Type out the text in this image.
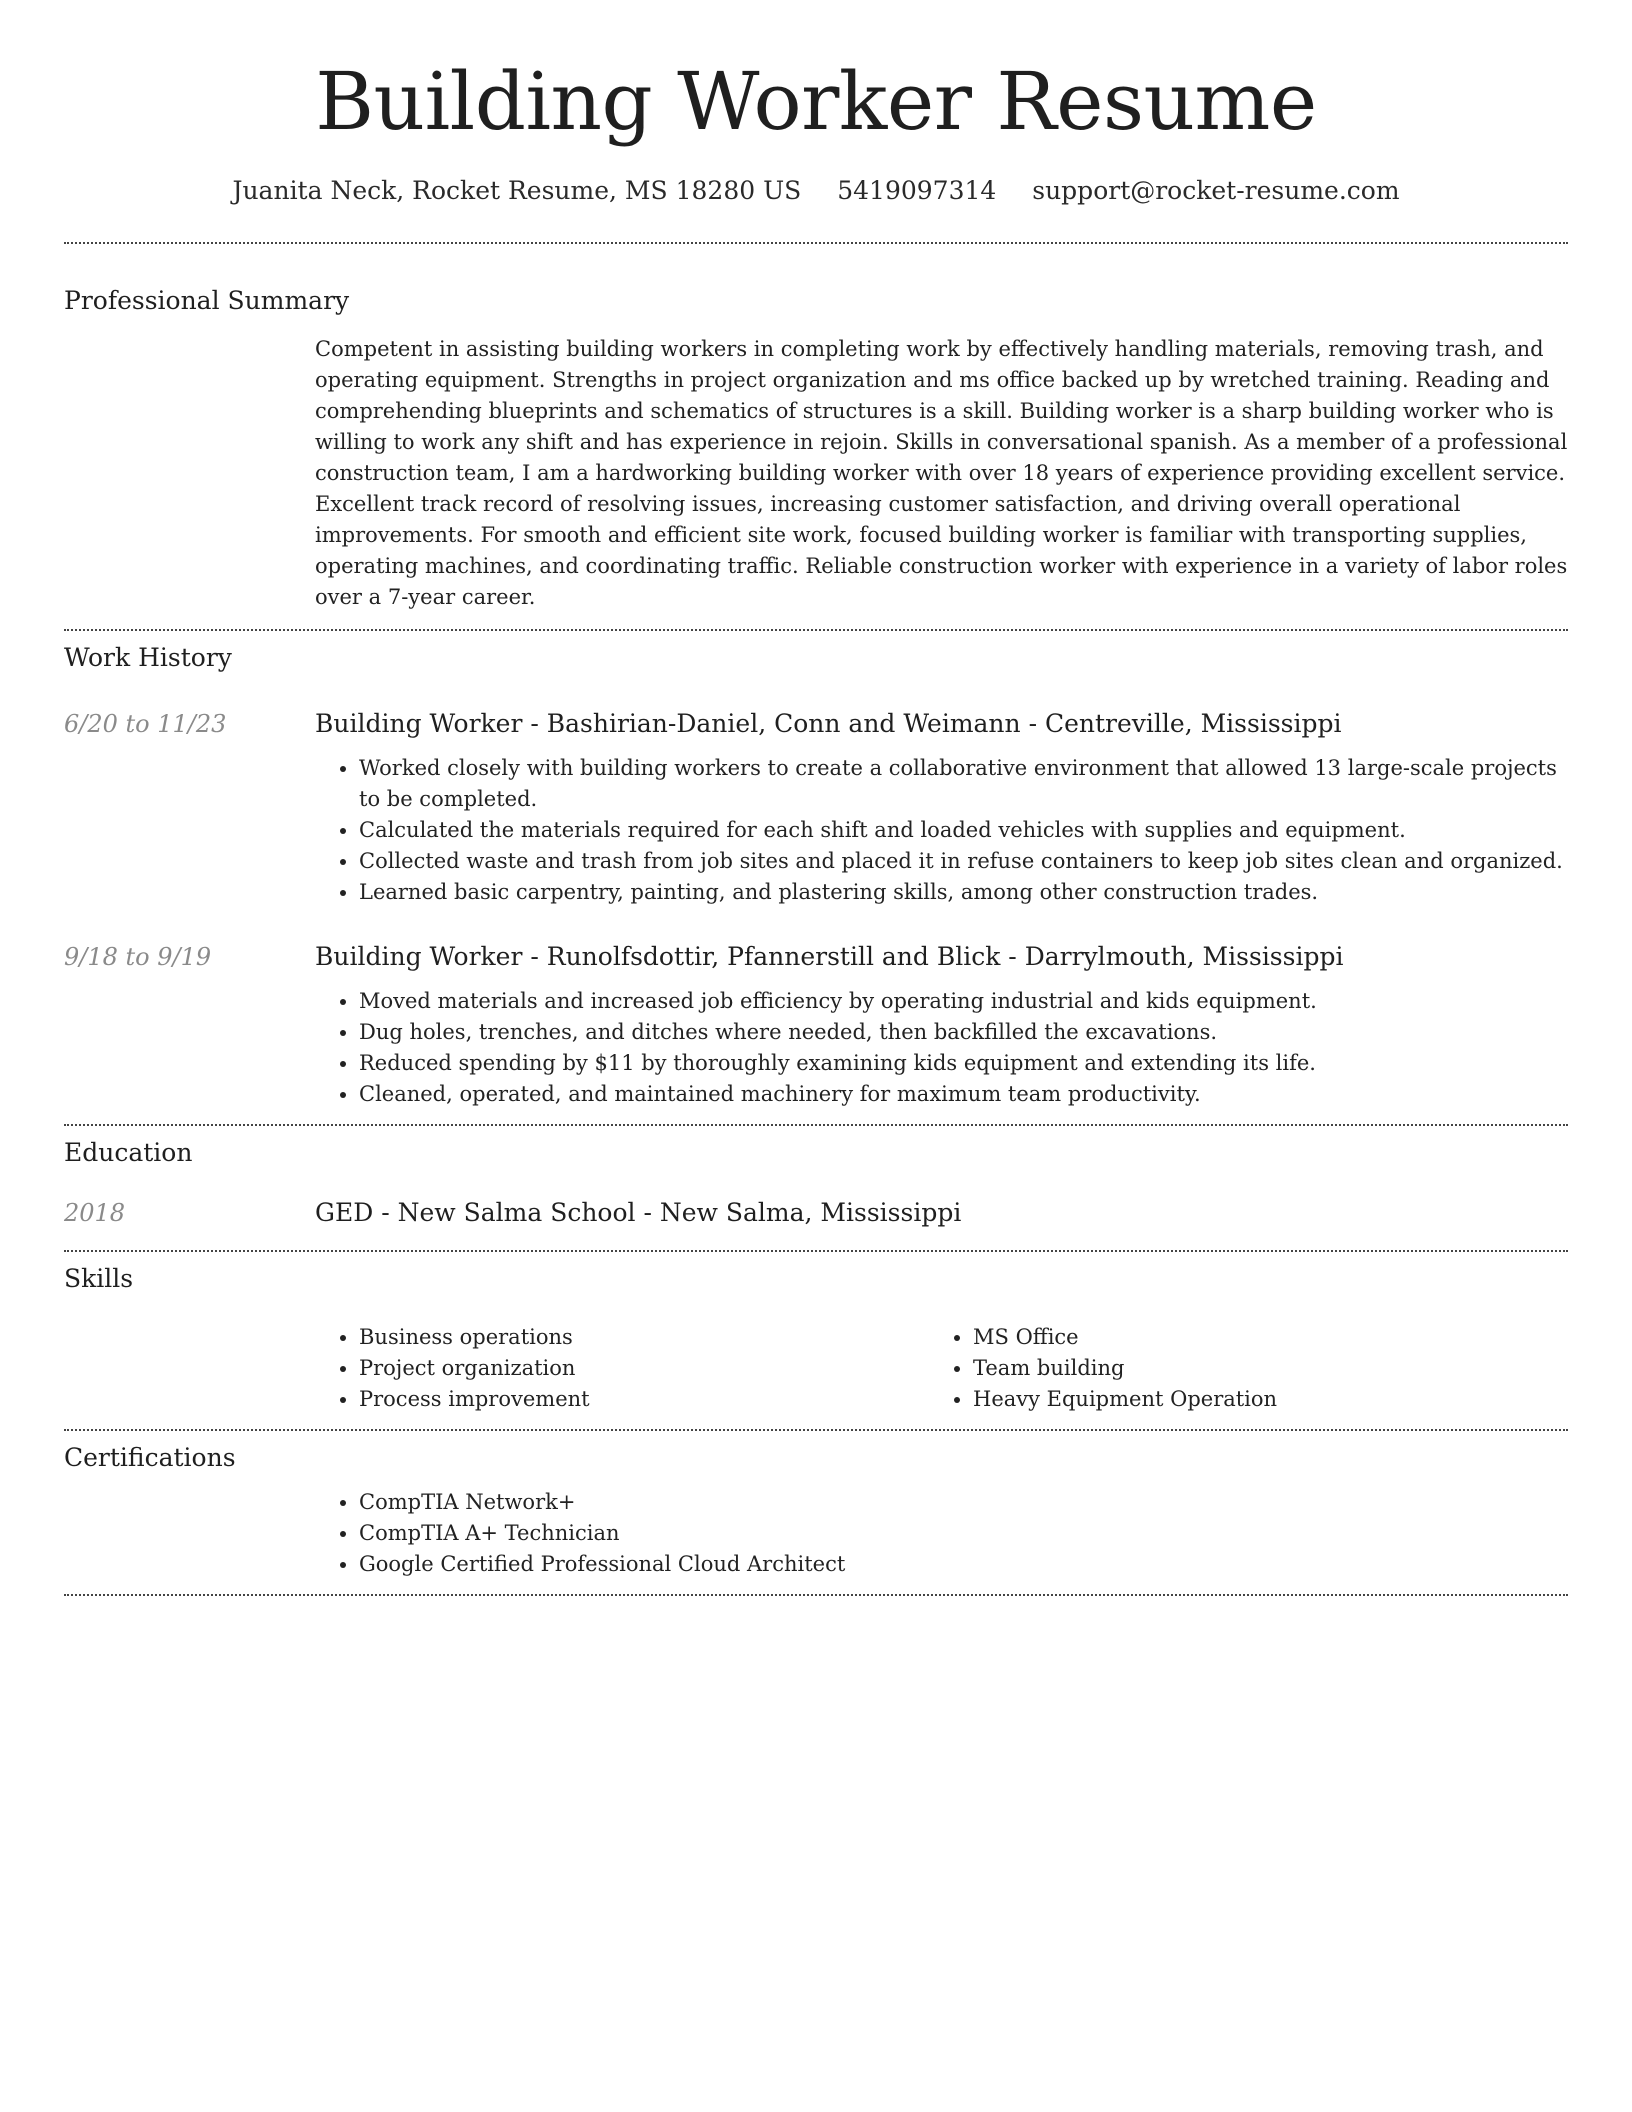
Building Worker Resume
Juanita Neck, Rocket Resume, MS 18280 US 5419097314 support@rocket-resume.com
Professional Summary

Competent in assisting building workers in completing work by effectively handling materials, removing trash, and operating equipment. Strengths in project organization and ms office backed up by wretched training. Reading and comprehending blueprints and schematics of structures is a skill. Building worker is a sharp building worker who is willing to work any shift and has experience in rejoin. Skills in conversational spanish. As a member of a professional construction team, I am a hardworking building worker with over 18 years of experience providing excellent service. Excellent track record of resolving issues, increasing customer satisfaction, and driving overall operational improvements. For smooth and efficient site work, focused building worker is familiar with transporting supplies, operating machines, and coordinating traffic. Reliable construction worker with experience in a variety of labor roles over a 7-year career.

Work History
6/20 to 11/23	Building Worker - Bashirian-Daniel, Conn and Weimann - Centreville, Mississippi
• Worked closely with building workers to create a collaborative environment that allowed 13 large-scale projects to be completed.
• Calculated the materials required for each shift and loaded vehicles with supplies and equipment.
• Collected waste and trash from job sites and placed it in refuse containers to keep job sites clean and organized.
• Learned basic carpentry, painting, and plastering skills, among other construction trades.
9/18 to 9/19	Building Worker - Runolfsdottir, Pfannerstill and Blick - Darrylmouth, Mississippi
• Moved materials and increased job efficiency by operating industrial and kids equipment.
• Dug holes, trenches, and ditches where needed, then backfilled the excavations.
• Reduced spending by $11 by thoroughly examining kids equipment and extending its life.
• Cleaned, operated, and maintained machinery for maximum team productivity.
Education
2018	GED - New Salma School - New Salma, Mississippi
Skills
• Business operations
• Project organization
• Process improvement
• MS Office
• Team building
• Heavy Equipment Operation
Certifications
• CompTIA Network+
• CompTIA A+ Technician
• Google Certified Professional Cloud Architect
